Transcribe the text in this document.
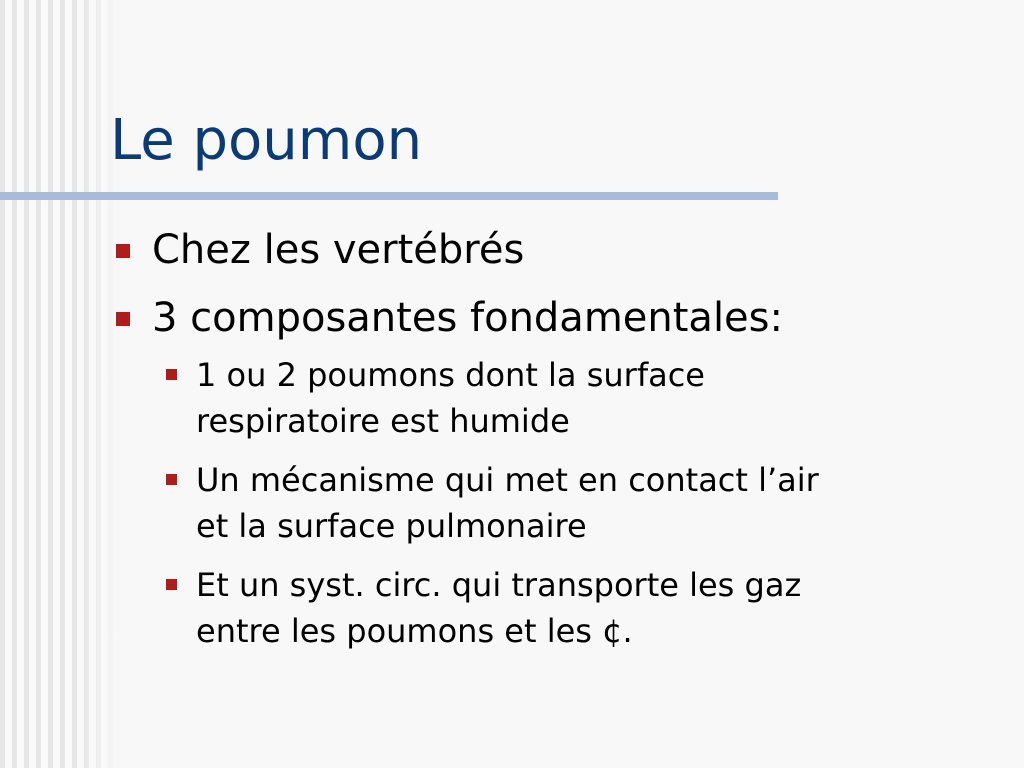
Le poumon
Chez les vertébrés
3 composantes fondamentales:
1 ou 2 poumons dont la surface
respiratoire est humide
Un mécanisme qui met en contact l’air
et la surface pulmonaire
Et un syst. circ. qui transporte les gaz
entre les poumons et les ¢.
